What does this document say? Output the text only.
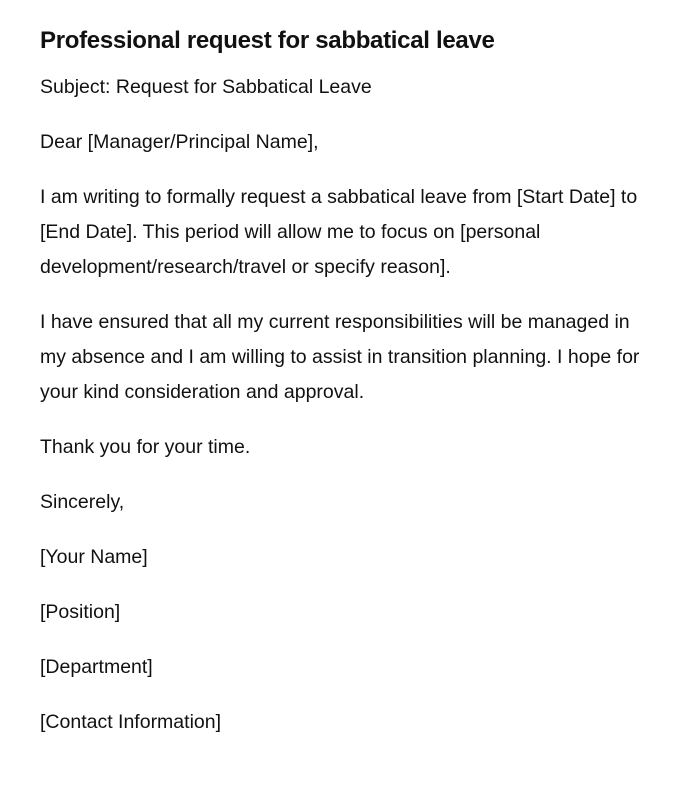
Professional request for sabbatical leave

Subject: Request for Sabbatical Leave

Dear [Manager/Principal Name],

I am writing to formally request a sabbatical leave from [Start Date] to [End Date]. This period will allow me to focus on [personal development/research/travel or specify reason].

I have ensured that all my current responsibilities will be managed in my absence and I am willing to assist in transition planning. I hope for your kind consideration and approval.

Thank you for your time.

Sincerely,

[Your Name]

[Position]

[Department]

[Contact Information]
